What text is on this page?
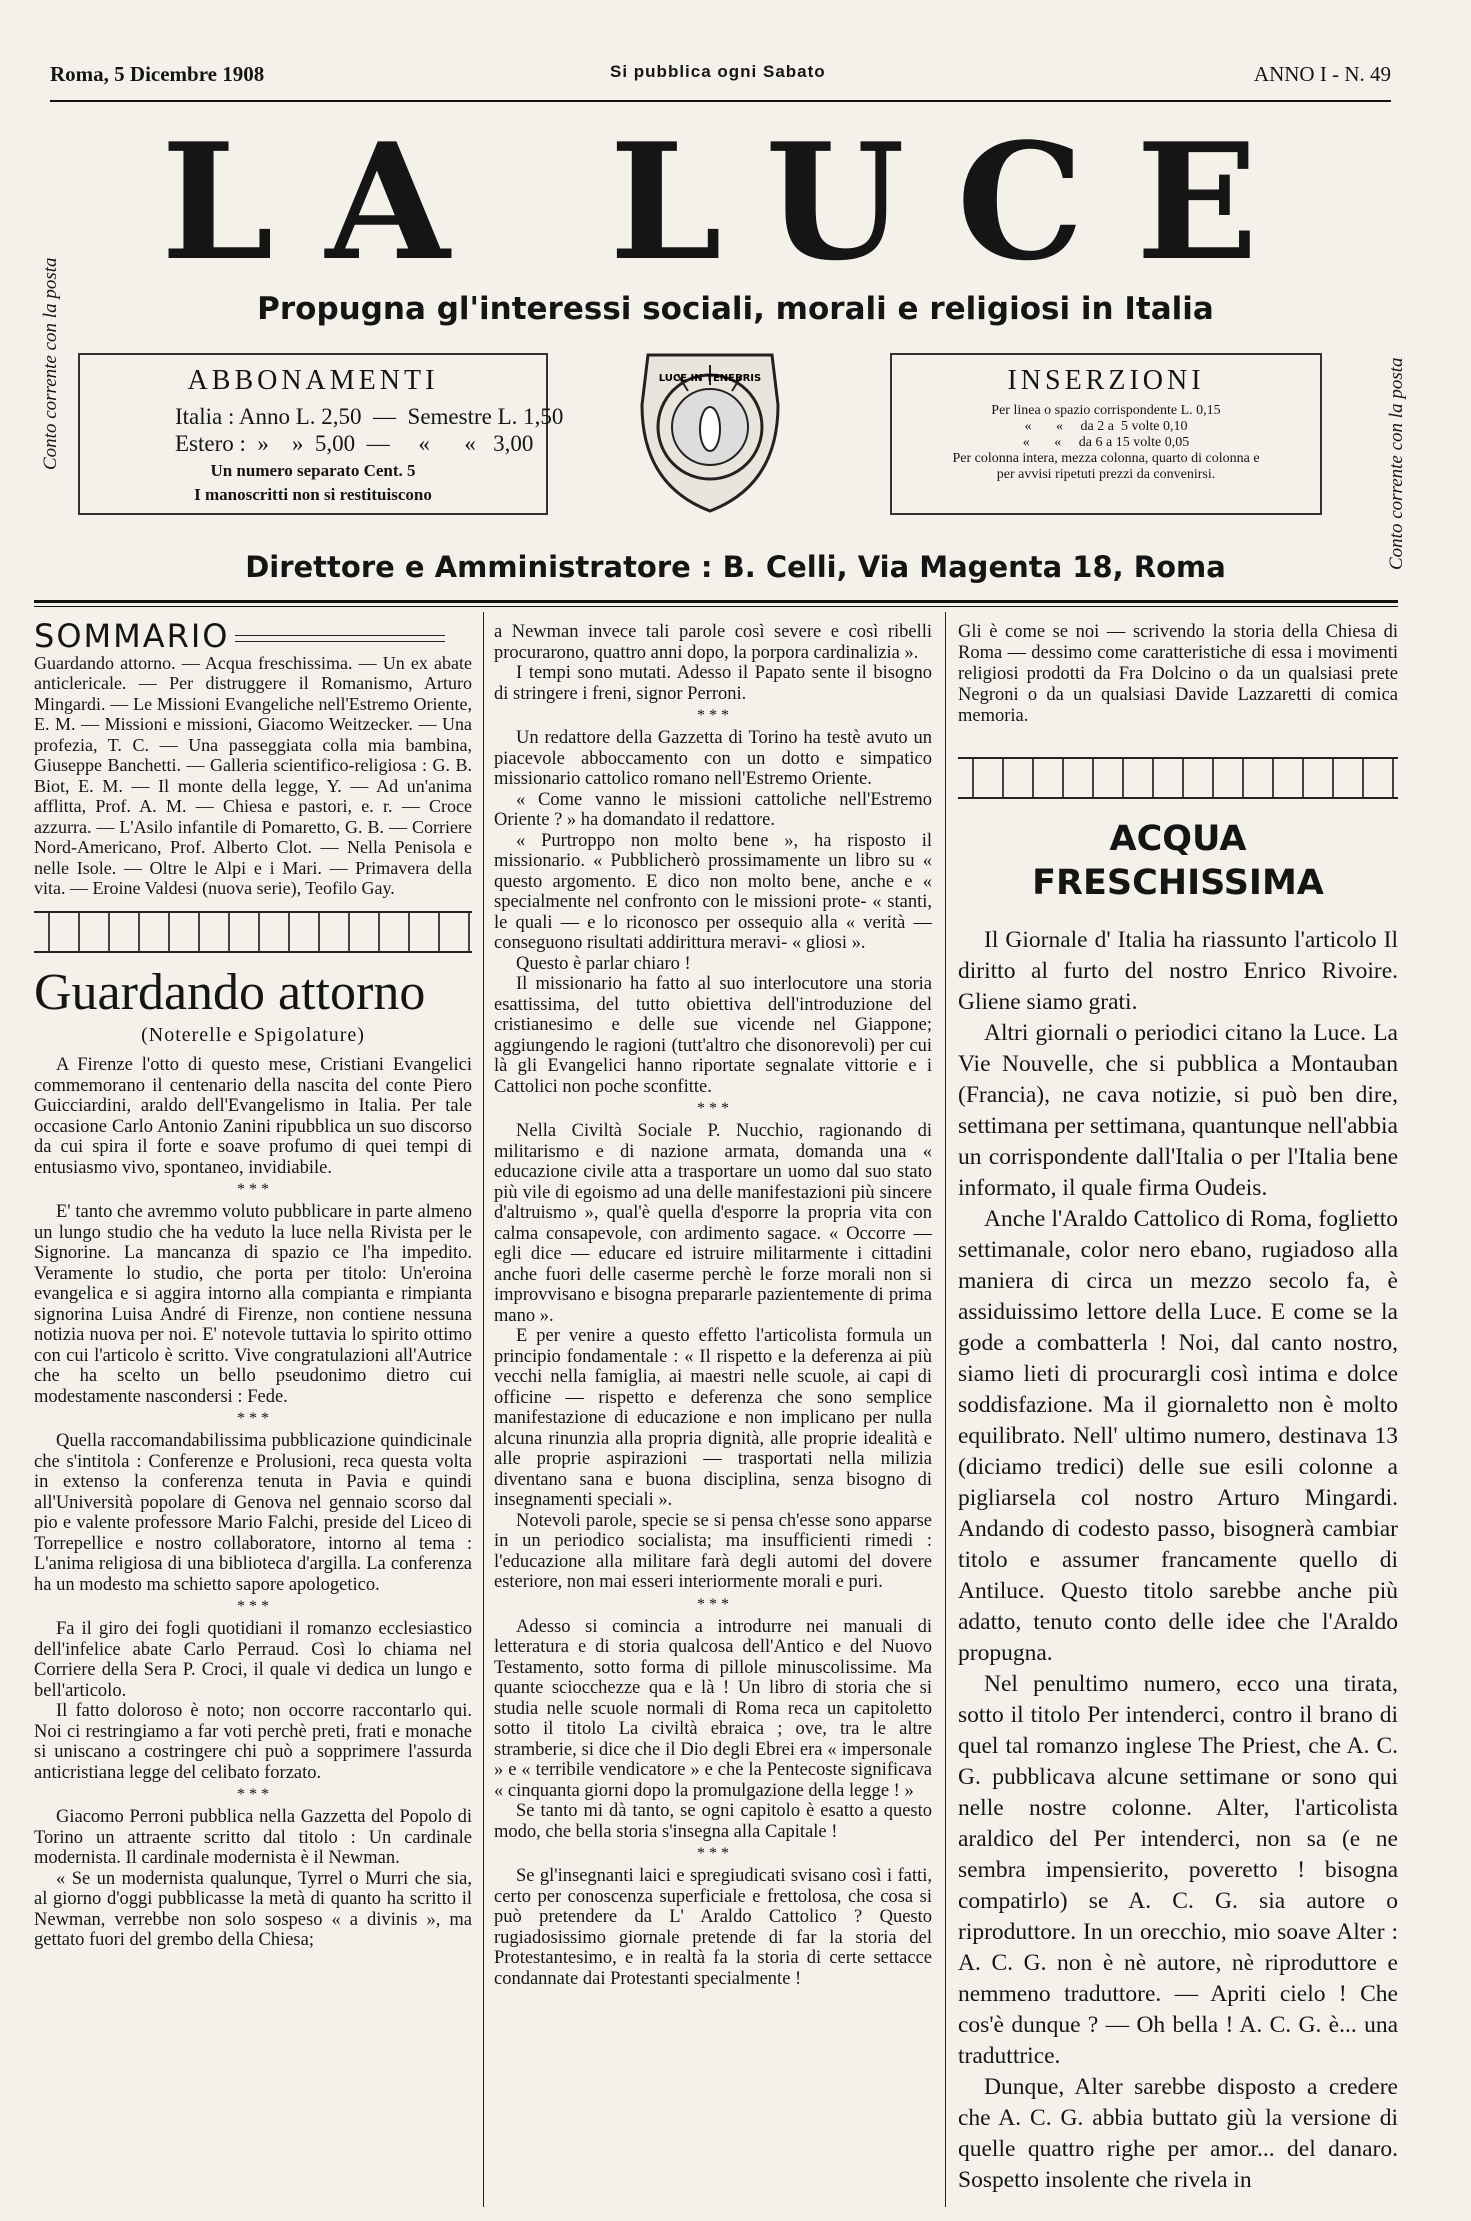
Roma, 5 Dicembre 1908	Si pubblica ogni Sabato	ANNO I - N. 49
LA LUCE
Propugna gl'interessi sociali, morali e religiosi in Italia
Conto corrente con la posta	Conto corrente con la posta
ABBONAMENTI
Italia : Anno L. 2,50  —  Semestre L. 1,50
Estero :  »    »  5,00  —     «      «   3,00
Un numero separato Cent. 5
I manoscritti non si restituiscono
LUCE IN TENEBRIS	INSERZIONI
Per linea o spazio corrispondente L. 0,15
«       «     da 2 a  5 volte 0,10
«       «     da 6 a 15 volte 0,05
Per colonna intera, mezza colonna, quarto di colonna e
per avvisi ripetuti prezzi da convenirsi.
Direttore e Amministratore : B. Celli, Via Magenta 18, Roma
SOMMARIO
Guardando attorno. — Acqua freschissima. — Un ex abate anticlericale. — Per distruggere il Romanismo, Arturo Mingardi. — Le Missioni Evangeliche nell'Estremo Oriente, E. M. — Missioni e missioni, Giacomo Weitzecker. — Una profezia, T. C. — Una passeggiata colla mia bambina, Giuseppe Banchetti. — Galleria scientifico-religiosa : G. B. Biot, E. M. — Il monte della legge, Y. — Ad un'anima afflitta, Prof. A. M. — Chiesa e pastori, e. r. — Croce azzurra. — L'Asilo infantile di Pomaretto, G. B. — Corriere Nord-Americano, Prof. Alberto Clot. — Nella Penisola e nelle Isole. — Oltre le Alpi e i Mari. — Primavera della vita. — Eroine Valdesi (nuova serie), Teofilo Gay.
Guardando attorno
(Noterelle e Spigolature)

A Firenze l'otto di questo mese, Cristiani Evangelici commemorano il centenario della nascita del conte Piero Guicciardini, araldo dell'Evangelismo in Italia. Per tale occasione Carlo Antonio Zanini ripubblica un suo discorso da cui spira il forte e soave profumo di quei tempi di entusiasmo vivo, spontaneo, invidiabile.

* * *

E' tanto che avremmo voluto pubblicare in parte almeno un lungo studio che ha veduto la luce nella Rivista per le Signorine. La mancanza di spazio ce l'ha impedito. Veramente lo studio, che porta per titolo: Un'eroina evangelica e si aggira intorno alla compianta e rimpianta signorina Luisa André di Firenze, non contiene nessuna notizia nuova per noi. E' notevole tuttavia lo spirito ottimo con cui l'articolo è scritto. Vive congratulazioni all'Autrice che ha scelto un bello pseudonimo dietro cui modestamente nascondersi : Fede.

* * *

Quella raccomandabilissima pubblicazione quindicinale che s'intitola : Conferenze e Prolusioni, reca questa volta in extenso la conferenza tenuta in Pavia e quindi all'Università popolare di Genova nel gennaio scorso dal pio e valente professore Mario Falchi, preside del Liceo di Torrepellice e nostro collaboratore, intorno al tema : L'anima religiosa di una biblioteca d'argilla. La conferenza ha un modesto ma schietto sapore apologetico.

* * *

Fa il giro dei fogli quotidiani il romanzo ecclesiastico dell'infelice abate Carlo Perraud. Così lo chiama nel Corriere della Sera P. Croci, il quale vi dedica un lungo e bell'articolo.

Il fatto doloroso è noto; non occorre raccontarlo qui. Noi ci restringiamo a far voti perchè preti, frati e monache si uniscano a costringere chi può a sopprimere l'assurda anticristiana legge del celibato forzato.

* * *

Giacomo Perroni pubblica nella Gazzetta del Popolo di Torino un attraente scritto dal titolo : Un cardinale modernista. Il cardinale modernista è il Newman.

« Se un modernista qualunque, Tyrrel o Murri che sia, al giorno d'oggi pubblicasse la metà di quanto ha scritto il Newman, verrebbe non solo sospeso « a divinis », ma gettato fuori del grembo della Chiesa;

a Newman invece tali parole così severe e così ribelli procurarono, quattro anni dopo, la porpora cardinalizia ».

I tempi sono mutati. Adesso il Papato sente il bisogno di stringere i freni, signor Perroni.

* * *

Un redattore della Gazzetta di Torino ha testè avuto un piacevole abboccamento con un dotto e simpatico missionario cattolico romano nell'Estremo Oriente.

« Come vanno le missioni cattoliche nell'Estremo Oriente ? » ha domandato il redattore.

« Purtroppo non molto bene », ha risposto il missionario. « Pubblicherò prossimamente un libro su « questo argomento. E dico non molto bene, anche e « specialmente nel confronto con le missioni prote- « stanti, le quali — e lo riconosco per ossequio alla « verità — conseguono risultati addirittura meravi- « gliosi ».

Questo è parlar chiaro !

Il missionario ha fatto al suo interlocutore una storia esattissima, del tutto obiettiva dell'introduzione del cristianesimo e delle sue vicende nel Giappone; aggiungendo le ragioni (tutt'altro che disonorevoli) per cui là gli Evangelici hanno riportate segnalate vittorie e i Cattolici non poche sconfitte.

* * *

Nella Civiltà Sociale P. Nucchio, ragionando di militarismo e di nazione armata, domanda una « educazione civile atta a trasportare un uomo dal suo stato più vile di egoismo ad una delle manifestazioni più sincere d'altruismo », qual'è quella d'esporre la propria vita con calma consapevole, con ardimento sagace. « Occorre — egli dice — educare ed istruire militarmente i cittadini anche fuori delle caserme perchè le forze morali non si improvvisano e bisogna prepararle pazientemente di prima mano ».

E per venire a questo effetto l'articolista formula un principio fondamentale : « Il rispetto e la deferenza ai più vecchi nella famiglia, ai maestri nelle scuole, ai capi di officine — rispetto e deferenza che sono semplice manifestazione di educazione e non implicano per nulla alcuna rinunzia alla propria dignità, alle proprie idealità e alle proprie aspirazioni — trasportati nella milizia diventano sana e buona disciplina, senza bisogno di insegnamenti speciali ».

Notevoli parole, specie se si pensa ch'esse sono apparse in un periodico socialista; ma insufficienti rimedi : l'educazione alla militare farà degli automi del dovere esteriore, non mai esseri interiormente morali e puri.

* * *

Adesso si comincia a introdurre nei manuali di letteratura e di storia qualcosa dell'Antico e del Nuovo Testamento, sotto forma di pillole minuscolissime. Ma quante sciocchezze qua e là ! Un libro di storia che si studia nelle scuole normali di Roma reca un capitoletto sotto il titolo La civiltà ebraica ; ove, tra le altre stramberie, si dice che il Dio degli Ebrei era « impersonale » e « terribile vendicatore » e che la Pentecoste significava « cinquanta giorni dopo la promulgazione della legge ! »

Se tanto mi dà tanto, se ogni capitolo è esatto a questo modo, che bella storia s'insegna alla Capitale !

* * *

Se gl'insegnanti laici e spregiudicati svisano così i fatti, certo per conoscenza superficiale e frettolosa, che cosa si può pretendere da L' Araldo Cattolico ? Questo rugiadosissimo giornale pretende di far la storia del Protestantesimo, e in realtà fa la storia di certe settacce condannate dai Protestanti specialmente !

Gli è come se noi — scrivendo la storia della Chiesa di Roma — dessimo come caratteristiche di essa i movimenti religiosi prodotti da Fra Dolcino o da un qualsiasi prete Negroni o da un qualsiasi Davide Lazzaretti di comica memoria.
ACQUA FRESCHISSIMA

Il Giornale d' Italia ha riassunto l'articolo Il diritto al furto del nostro Enrico Rivoire. Gliene siamo grati.

Altri giornali o periodici citano la Luce. La Vie Nouvelle, che si pubblica a Montauban (Francia), ne cava notizie, si può ben dire, settimana per settimana, quantunque nell'abbia un corrispondente dall'Italia o per l'Italia bene informato, il quale firma Oudeis.

Anche l'Araldo Cattolico di Roma, foglietto settimanale, color nero ebano, rugiadoso alla maniera di circa un mezzo secolo fa, è assiduissimo lettore della Luce. E come se la gode a combatterla ! Noi, dal canto nostro, siamo lieti di procurargli così intima e dolce soddisfazione. Ma il giornaletto non è molto equilibrato. Nell' ultimo numero, destinava 13 (diciamo tredici) delle sue esili colonne a pigliarsela col nostro Arturo Mingardi. Andando di codesto passo, bisognerà cambiar titolo e assumer francamente quello di Antiluce. Questo titolo sarebbe anche più adatto, tenuto conto delle idee che l'Araldo propugna.

Nel penultimo numero, ecco una tirata, sotto il titolo Per intenderci, contro il brano di quel tal romanzo inglese The Priest, che A. C. G. pubblicava alcune settimane or sono qui nelle nostre colonne. Alter, l'articolista araldico del Per intenderci, non sa (e ne sembra impensierito, poveretto ! bisogna compatirlo) se A. C. G. sia autore o riproduttore. In un orecchio, mio soave Alter : A. C. G. non è nè autore, nè riproduttore e nemmeno traduttore. — Apriti cielo ! Che cos'è dunque ? — Oh bella ! A. C. G. è... una traduttrice.

Dunque, Alter sarebbe disposto a credere che A. C. G. abbia buttato giù la versione di quelle quattro righe per amor... del danaro. Sospetto insolente che rivela in
